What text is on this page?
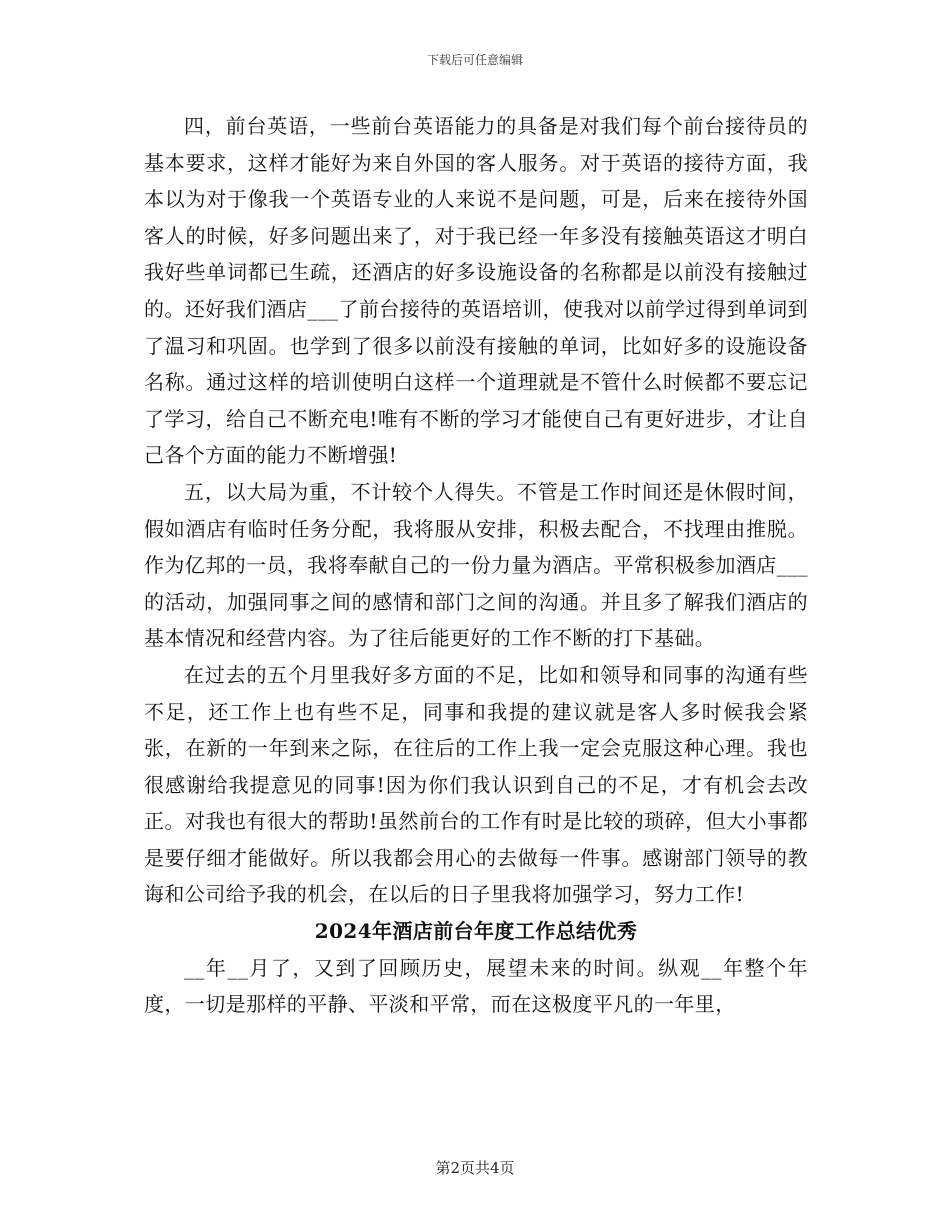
下载后可任意编辑

四，前台英语，一些前台英语能力的具备是对我们每个前台接待员的基本要求，这样才能好为来自外国的客人服务。对于英语的接待方面，我本以为对于像我一个英语专业的人来说不是问题，可是，后来在接待外国客人的时候，好多问题出来了，对于我已经一年多没有接触英语这才明白我好些单词都已生疏，还酒店的好多设施设备的名称都是以前没有接触过的。还好我们酒店___了前台接待的英语培训，使我对以前学过得到单词到了温习和巩固。也学到了很多以前没有接触的单词，比如好多的设施设备名称。通过这样的培训使明白这样一个道理就是不管什么时候都不要忘记了学习，给自己不断充电!唯有不断的学习才能使自己有更好进步，才让自己各个方面的能力不断增强!

五，以大局为重，不计较个人得失。不管是工作时间还是休假时间，假如酒店有临时任务分配，我将服从安排，积极去配合，不找理由推脱。作为亿邦的一员，我将奉献自己的一份力量为酒店。平常积极参加酒店___的活动，加强同事之间的感情和部门之间的沟通。并且多了解我们酒店的基本情况和经营内容。为了往后能更好的工作不断的打下基础。

在过去的五个月里我好多方面的不足，比如和领导和同事的沟通有些不足，还工作上也有些不足，同事和我提的建议就是客人多时候我会紧张，在新的一年到来之际，在往后的工作上我一定会克服这种心理。我也很感谢给我提意见的同事!因为你们我认识到自己的不足，才有机会去改正。对我也有很大的帮助!虽然前台的工作有时是比较的琐碎，但大小事都是要仔细才能做好。所以我都会用心的去做每一件事。感谢部门领导的教诲和公司给予我的机会，在以后的日子里我将加强学习，努力工作!

2024年酒店前台年度工作总结优秀

__年__月了，又到了回顾历史，展望未来的时间。纵观__年整个年度，一切是那样的平静、平淡和平常，而在这极度平凡的一年里，

第2页共4页
